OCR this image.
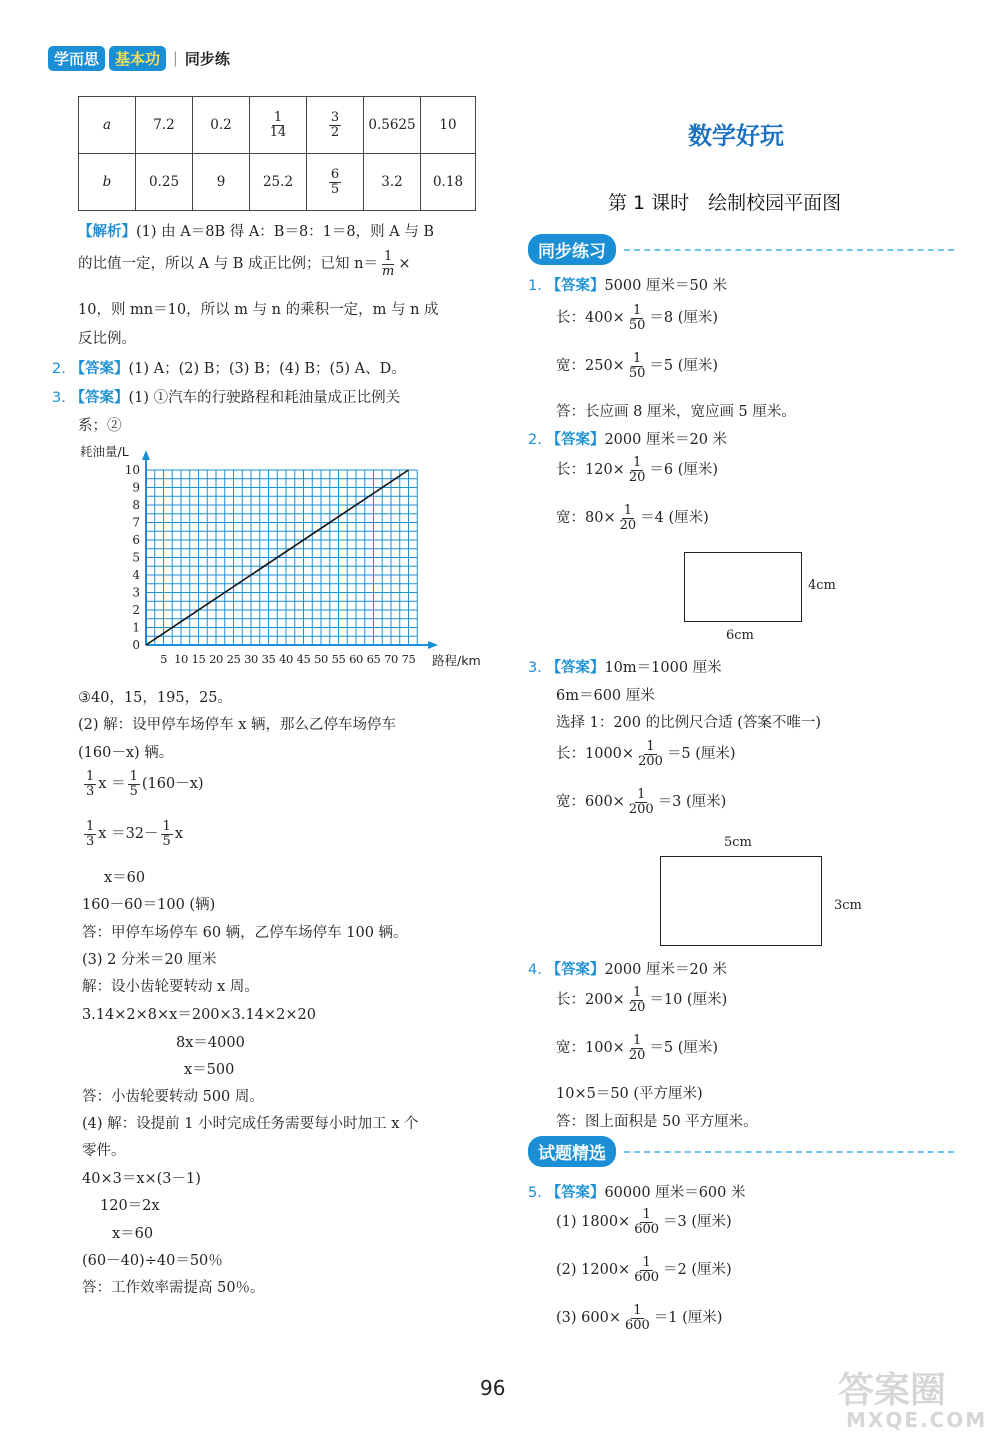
学而思	基本功 | 同步练
a	7.2	0.2	$\frac{1}{14}$	$\frac{3}{2}$	0.5625	10
b	0.25	9	25.2	$\frac{6}{5}$	3.2	0.18
【解析】(1) 由 A＝8B 得 A：B＝8：1＝8，则 A 与 B
的比值一定，所以 A 与 B 成正比例；已知 $n= \frac{1}{m}$ ×
10，则 mn＝10，所以 m 与 n 的乘积一定，m 与 n 成
反比例。
2. 【答案】(1) A；(2) B；(3) B；(4) B；(5) A、D。
3. 【答案】(1) ①汽车的行驶路程和耗油量成正比例关
系；②
0
1
2
3
4
5
6
7
8
9
10
5 10 15 20 25 30 35 40 45 50 55 60 65 70 75
耗油量/L
路程/km
③40，15，195，25。
(2) 解：设甲停车场停车 x 辆，那么乙停车场停车
(160－x) 辆。
$\frac{1}{3}$ $x = \frac{1}{5} (160-x)$
$\frac{1}{3}$ $x =32- \frac{1}{5}$ x
x＝60
160－60＝100 (辆)
答：甲停车场停车 60 辆，乙停车场停车 100 辆。
(3) 2 分米＝20 厘米
解：设小齿轮要转动 x 周。
3.14×2×8×x＝200×3.14×2×20
8x＝4000
x＝500
答：小齿轮要转动 500 周。
(4) 解：设提前 1 小时完成任务需要每小时加工 x 个
零件。
40×3＝x×(3－1)
120＝2x
x＝60
(60－40)÷40＝50％
答：工作效率需提高 50％。
数学好玩
第 1 课时　绘制校园平面图
同步练习
1. 【答案】5000 厘米＝50 米
长：$400\times \frac{1}{50} =8$ (厘米)
宽：$250\times \frac{1}{50} =5$ (厘米)
答：长应画 8 厘米，宽应画 5 厘米。
2. 【答案】2000 厘米＝20 米
长：$120\times \frac{1}{20} =6$ (厘米)
宽：$80\times \frac{1}{20} =4$ (厘米)
4cm
6cm
3. 【答案】10m＝1000 厘米
6m＝600 厘米
选择 1：200 的比例尺合适 (答案不唯一)
长：$1000\times \frac{1}{200} =5$ (厘米)
宽：$600\times \frac{1}{200} =3$ (厘米)
5cm
3cm
4. 【答案】2000 厘米＝20 米
长：$200\times \frac{1}{20} =10$ (厘米)
宽：$100\times \frac{1}{20} =5$ (厘米)
10×5＝50 (平方厘米)
答：图上面积是 50 平方厘米。
试题精选
5. 【答案】60000 厘米＝600 米
(1) $1800\times \frac{1}{600} =3$ (厘米)
(2) $1200\times \frac{1}{600} =2$ (厘米)
(3) $600\times \frac{1}{600} =1$ (厘米)
96	答案圈
MXQE.COM
